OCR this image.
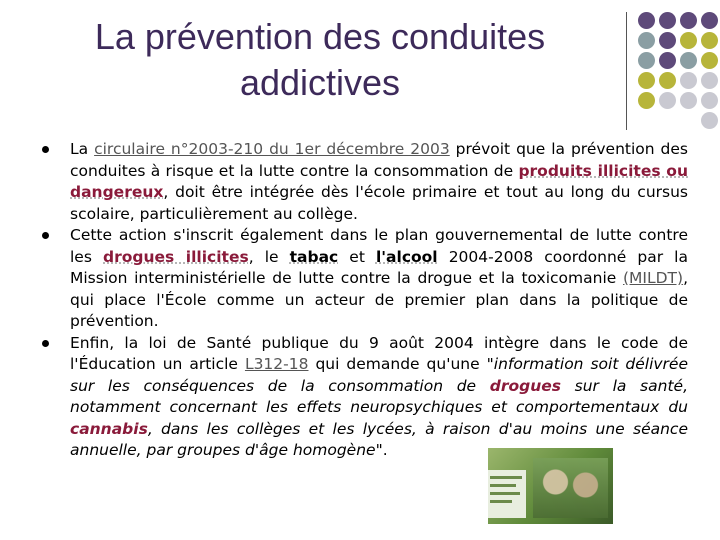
La prévention des conduites
addictives
La circulaire n°2003-210 du 1er décembre 2003 prévoit que la prévention des conduites à risque et la lutte contre la consommation de produits illicites ou dangereux, doit être intégrée dès l'école primaire et tout au long du cursus scolaire, particulièrement au collège.
Cette action s'inscrit également dans le plan gouvernemental de lutte contre les drogues illicites, le tabac et l'alcool 2004-2008 coordonné par la Mission interministérielle de lutte contre la drogue et la toxicomanie (MILDT), qui place l'École comme un acteur de premier plan dans la politique de prévention.
Enfin, la loi de Santé publique du 9 août 2004 intègre dans le code de l'Éducation un article L312-18 qui demande qu'une "information soit délivrée sur les conséquences de la consommation de drogues sur la santé, notamment concernant les effets neuropsychiques et comportementaux du cannabis, dans les collèges et les lycées, à raison d'au moins une séance annuelle, par groupes d'âge homogène".
